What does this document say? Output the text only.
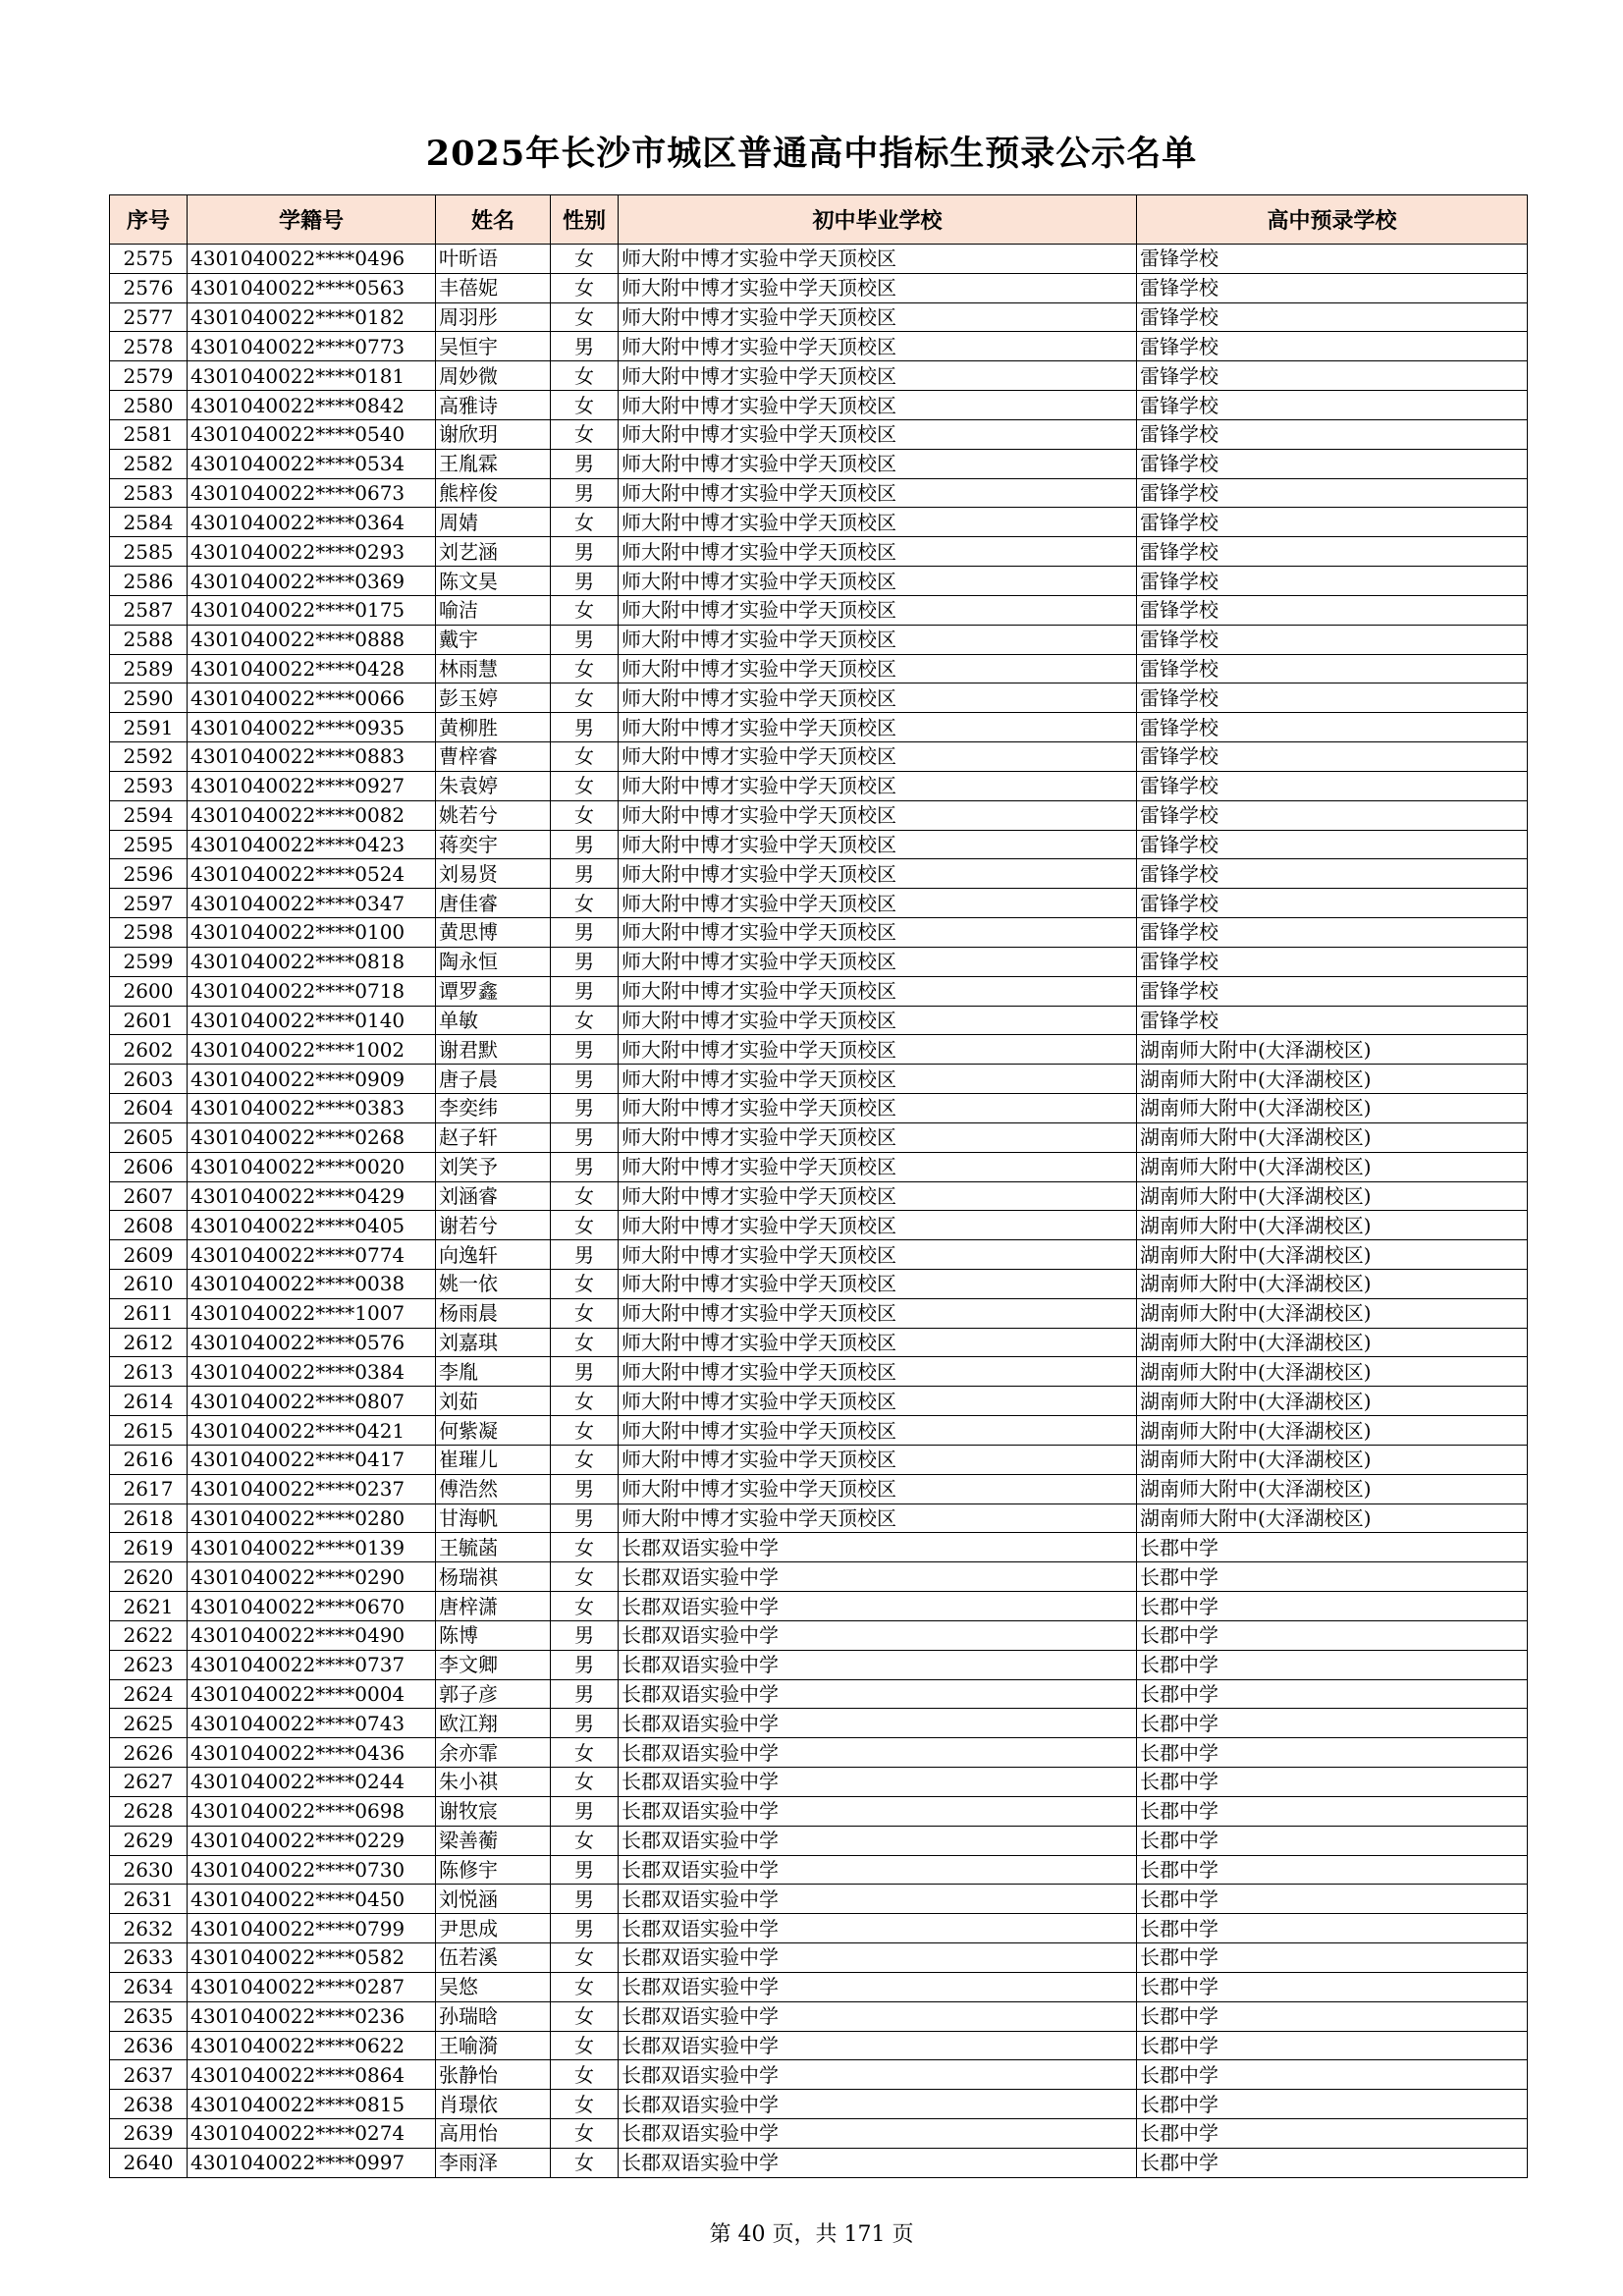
2025年长沙市城区普通高中指标生预录公示名单
序号	学籍号	姓名	性别	初中毕业学校	高中预录学校
2575	4301040022****0496	叶昕语	女	师大附中博才实验中学天顶校区	雷锋学校
2576	4301040022****0563	丰蓓妮	女	师大附中博才实验中学天顶校区	雷锋学校
2577	4301040022****0182	周羽彤	女	师大附中博才实验中学天顶校区	雷锋学校
2578	4301040022****0773	吴恒宇	男	师大附中博才实验中学天顶校区	雷锋学校
2579	4301040022****0181	周妙微	女	师大附中博才实验中学天顶校区	雷锋学校
2580	4301040022****0842	高雅诗	女	师大附中博才实验中学天顶校区	雷锋学校
2581	4301040022****0540	谢欣玥	女	师大附中博才实验中学天顶校区	雷锋学校
2582	4301040022****0534	王胤霖	男	师大附中博才实验中学天顶校区	雷锋学校
2583	4301040022****0673	熊梓俊	男	师大附中博才实验中学天顶校区	雷锋学校
2584	4301040022****0364	周婧	女	师大附中博才实验中学天顶校区	雷锋学校
2585	4301040022****0293	刘艺涵	男	师大附中博才实验中学天顶校区	雷锋学校
2586	4301040022****0369	陈文昊	男	师大附中博才实验中学天顶校区	雷锋学校
2587	4301040022****0175	喻洁	女	师大附中博才实验中学天顶校区	雷锋学校
2588	4301040022****0888	戴宇	男	师大附中博才实验中学天顶校区	雷锋学校
2589	4301040022****0428	林雨慧	女	师大附中博才实验中学天顶校区	雷锋学校
2590	4301040022****0066	彭玉婷	女	师大附中博才实验中学天顶校区	雷锋学校
2591	4301040022****0935	黄柳胜	男	师大附中博才实验中学天顶校区	雷锋学校
2592	4301040022****0883	曹梓睿	女	师大附中博才实验中学天顶校区	雷锋学校
2593	4301040022****0927	朱袁婷	女	师大附中博才实验中学天顶校区	雷锋学校
2594	4301040022****0082	姚若兮	女	师大附中博才实验中学天顶校区	雷锋学校
2595	4301040022****0423	蒋奕宇	男	师大附中博才实验中学天顶校区	雷锋学校
2596	4301040022****0524	刘易贤	男	师大附中博才实验中学天顶校区	雷锋学校
2597	4301040022****0347	唐佳睿	女	师大附中博才实验中学天顶校区	雷锋学校
2598	4301040022****0100	黄思博	男	师大附中博才实验中学天顶校区	雷锋学校
2599	4301040022****0818	陶永恒	男	师大附中博才实验中学天顶校区	雷锋学校
2600	4301040022****0718	谭罗鑫	男	师大附中博才实验中学天顶校区	雷锋学校
2601	4301040022****0140	单敏	女	师大附中博才实验中学天顶校区	雷锋学校
2602	4301040022****1002	谢君默	男	师大附中博才实验中学天顶校区	湖南师大附中(大泽湖校区)
2603	4301040022****0909	唐子晨	男	师大附中博才实验中学天顶校区	湖南师大附中(大泽湖校区)
2604	4301040022****0383	李奕纬	男	师大附中博才实验中学天顶校区	湖南师大附中(大泽湖校区)
2605	4301040022****0268	赵子轩	男	师大附中博才实验中学天顶校区	湖南师大附中(大泽湖校区)
2606	4301040022****0020	刘笑予	男	师大附中博才实验中学天顶校区	湖南师大附中(大泽湖校区)
2607	4301040022****0429	刘涵睿	女	师大附中博才实验中学天顶校区	湖南师大附中(大泽湖校区)
2608	4301040022****0405	谢若兮	女	师大附中博才实验中学天顶校区	湖南师大附中(大泽湖校区)
2609	4301040022****0774	向逸轩	男	师大附中博才实验中学天顶校区	湖南师大附中(大泽湖校区)
2610	4301040022****0038	姚一依	女	师大附中博才实验中学天顶校区	湖南师大附中(大泽湖校区)
2611	4301040022****1007	杨雨晨	女	师大附中博才实验中学天顶校区	湖南师大附中(大泽湖校区)
2612	4301040022****0576	刘嘉琪	女	师大附中博才实验中学天顶校区	湖南师大附中(大泽湖校区)
2613	4301040022****0384	李胤	男	师大附中博才实验中学天顶校区	湖南师大附中(大泽湖校区)
2614	4301040022****0807	刘茹	女	师大附中博才实验中学天顶校区	湖南师大附中(大泽湖校区)
2615	4301040022****0421	何紫凝	女	师大附中博才实验中学天顶校区	湖南师大附中(大泽湖校区)
2616	4301040022****0417	崔璀儿	女	师大附中博才实验中学天顶校区	湖南师大附中(大泽湖校区)
2617	4301040022****0237	傅浩然	男	师大附中博才实验中学天顶校区	湖南师大附中(大泽湖校区)
2618	4301040022****0280	甘海帆	男	师大附中博才实验中学天顶校区	湖南师大附中(大泽湖校区)
2619	4301040022****0139	王毓菡	女	长郡双语实验中学	长郡中学
2620	4301040022****0290	杨瑞祺	女	长郡双语实验中学	长郡中学
2621	4301040022****0670	唐梓潇	女	长郡双语实验中学	长郡中学
2622	4301040022****0490	陈博	男	长郡双语实验中学	长郡中学
2623	4301040022****0737	李文卿	男	长郡双语实验中学	长郡中学
2624	4301040022****0004	郭子彦	男	长郡双语实验中学	长郡中学
2625	4301040022****0743	欧江翔	男	长郡双语实验中学	长郡中学
2626	4301040022****0436	余亦霏	女	长郡双语实验中学	长郡中学
2627	4301040022****0244	朱小祺	女	长郡双语实验中学	长郡中学
2628	4301040022****0698	谢牧宸	男	长郡双语实验中学	长郡中学
2629	4301040022****0229	梁善蘅	女	长郡双语实验中学	长郡中学
2630	4301040022****0730	陈修宇	男	长郡双语实验中学	长郡中学
2631	4301040022****0450	刘悦涵	男	长郡双语实验中学	长郡中学
2632	4301040022****0799	尹思成	男	长郡双语实验中学	长郡中学
2633	4301040022****0582	伍若溪	女	长郡双语实验中学	长郡中学
2634	4301040022****0287	吴悠	女	长郡双语实验中学	长郡中学
2635	4301040022****0236	孙瑞晗	女	长郡双语实验中学	长郡中学
2636	4301040022****0622	王喻漪	女	长郡双语实验中学	长郡中学
2637	4301040022****0864	张静怡	女	长郡双语实验中学	长郡中学
2638	4301040022****0815	肖璟依	女	长郡双语实验中学	长郡中学
2639	4301040022****0274	高用怡	女	长郡双语实验中学	长郡中学
2640	4301040022****0997	李雨泽	女	长郡双语实验中学	长郡中学
第 40 页，共 171 页
